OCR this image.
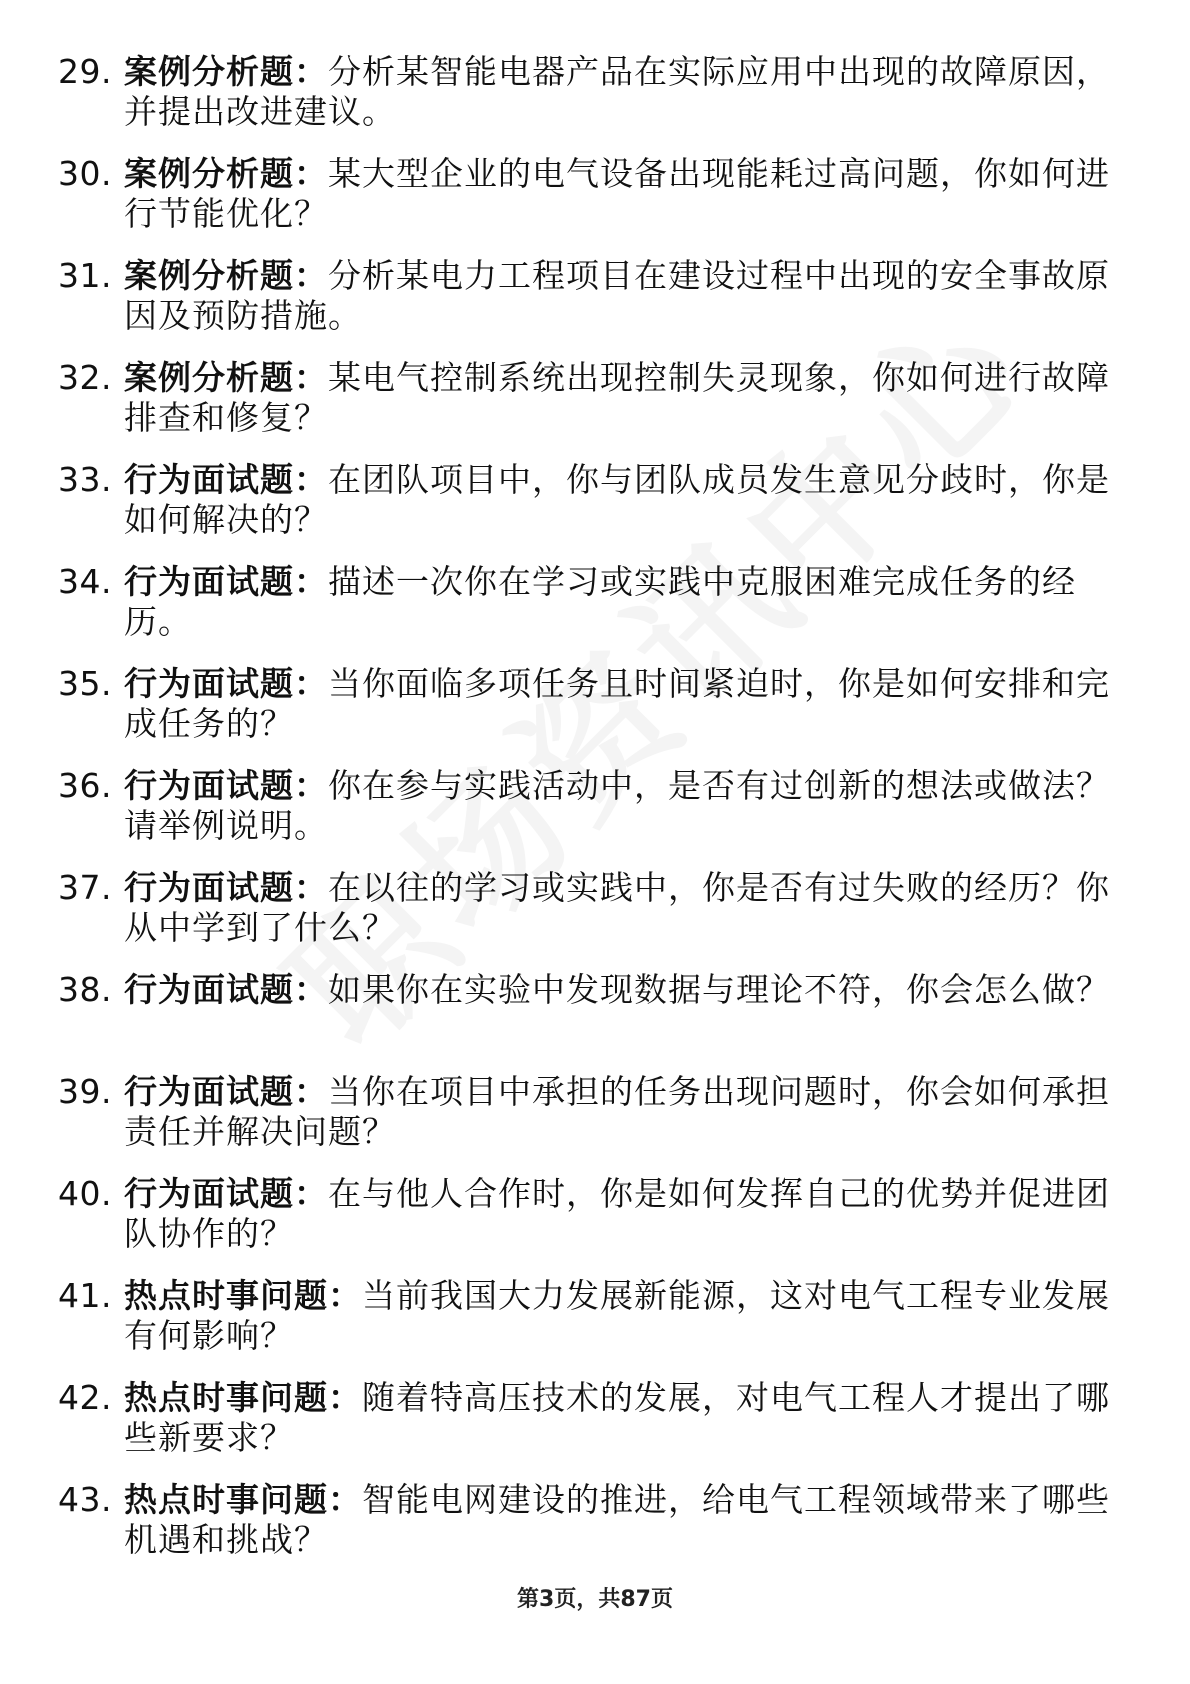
29. 案例分析题：分析某智能电器产品在实际应用中出现的故障原因，并提出改进建议。
30. 案例分析题：某大型企业的电气设备出现能耗过高问题，你如何进行节能优化？
31. 案例分析题：分析某电力工程项目在建设过程中出现的安全事故原因及预防措施。
32. 案例分析题：某电气控制系统出现控制失灵现象，你如何进行故障排查和修复？
33. 行为面试题：在团队项目中，你与团队成员发生意见分歧时，你是如何解决的？
34. 行为面试题：描述一次你在学习或实践中克服困难完成任务的经历。
35. 行为面试题：当你面临多项任务且时间紧迫时，你是如何安排和完成任务的？
36. 行为面试题：你在参与实践活动中，是否有过创新的想法或做法？请举例说明。
37. 行为面试题：在以往的学习或实践中，你是否有过失败的经历？你从中学到了什么？
38. 行为面试题：如果你在实验中发现数据与理论不符，你会怎么做？
39. 行为面试题：当你在项目中承担的任务出现问题时，你会如何承担责任并解决问题？
40. 行为面试题：在与他人合作时，你是如何发挥自己的优势并促进团队协作的？
41. 热点时事问题：当前我国大力发展新能源，这对电气工程专业发展有何影响？
42. 热点时事问题：随着特高压技术的发展，对电气工程人才提出了哪些新要求？
43. 热点时事问题：智能电网建设的推进，给电气工程领域带来了哪些机遇和挑战？
第3页，共87页
